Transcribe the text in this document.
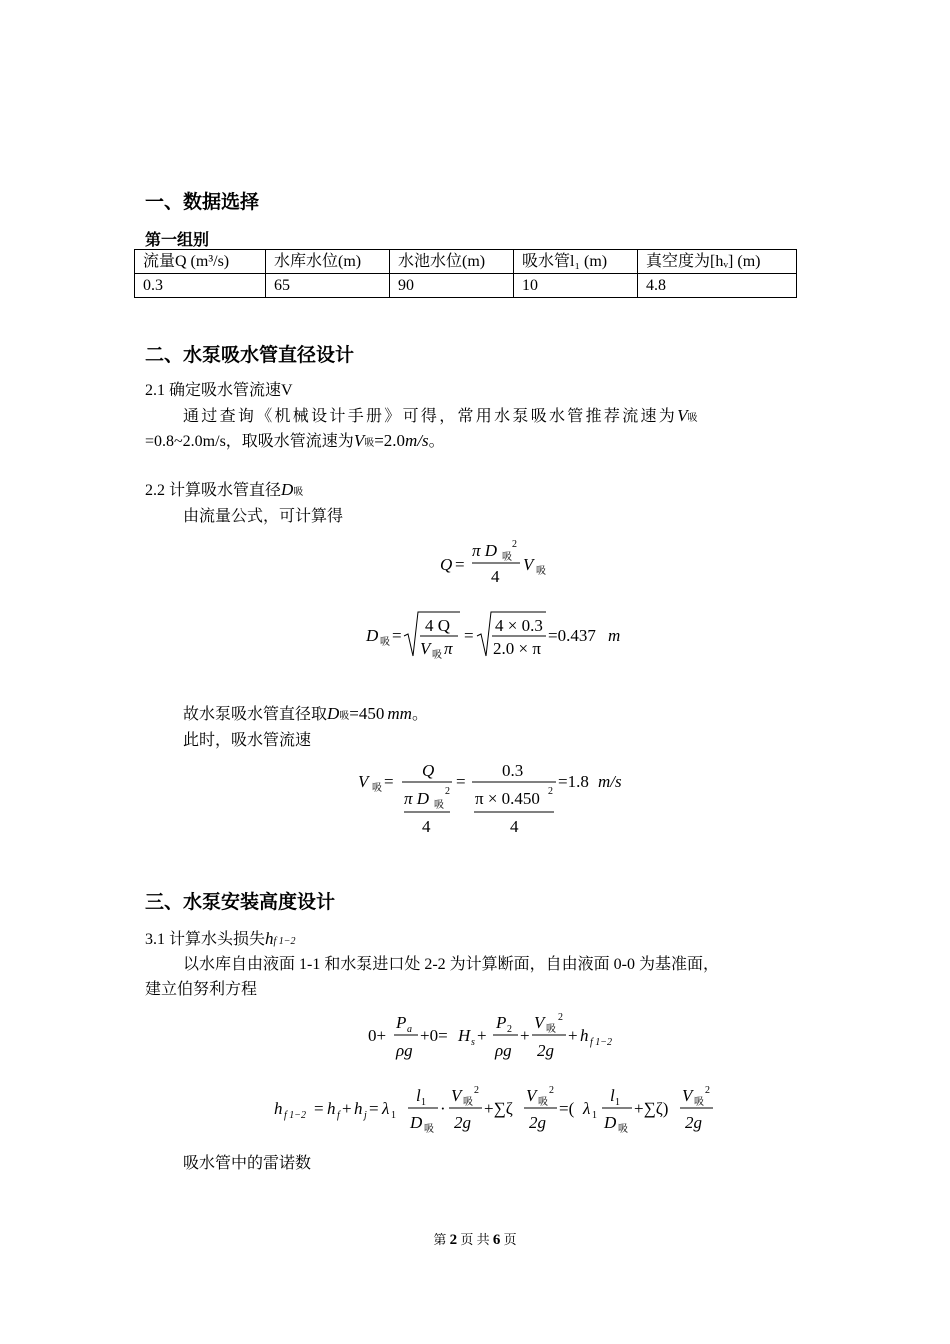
一、数据选择
第一组别
流量Q (m³/s)	水库水位(m)	水池水位(m)	吸水管l₁ (m)	真空度为[hᵥ] (m)
0.3	65	90	10	4.8
二、水泵吸水管直径设计
2.1 确定吸水管流速V
通过查询《机械设计手册》可得，常用水泵吸水管推荐流速为V吸
=0.8~2.0m/s，取吸水管流速为V吸=2.0m/s。
2.2 计算吸水管直径D吸
由流量公式，可计算得
Q =
π D 吸
2
4
V 吸
D 吸 =
4 Q
V 吸 π
=
4 × 0.3
2.0 × π
=0.437 m
故水泵吸水管直径取D吸=450 mm。
此时，吸水管流速
V 吸 =
Q
π D 吸
2
4
=
0.3
π × 0.450 2
4
=1.8 m/s
三、水泵安装高度设计
3.1 计算水头损失hf 1−2
以水库自由液面 1-1 和水泵进口处 2-2 为计算断面，自由液面 0-0 为基准面，
建立伯努利方程
0+
P a
ρg
+0= H s +
P 2
ρg
+
V 吸
2
2g
+ h f 1−2
h f 1−2 = h f + h j = λ 1
l 1
D 吸
·
V 吸
2
2g
+∑ζ
V 吸
2
2g
=( λ 1
l 1
D 吸
+∑ζ)
V 吸
2
2g
吸水管中的雷诺数
第 2 页 共 6 页
